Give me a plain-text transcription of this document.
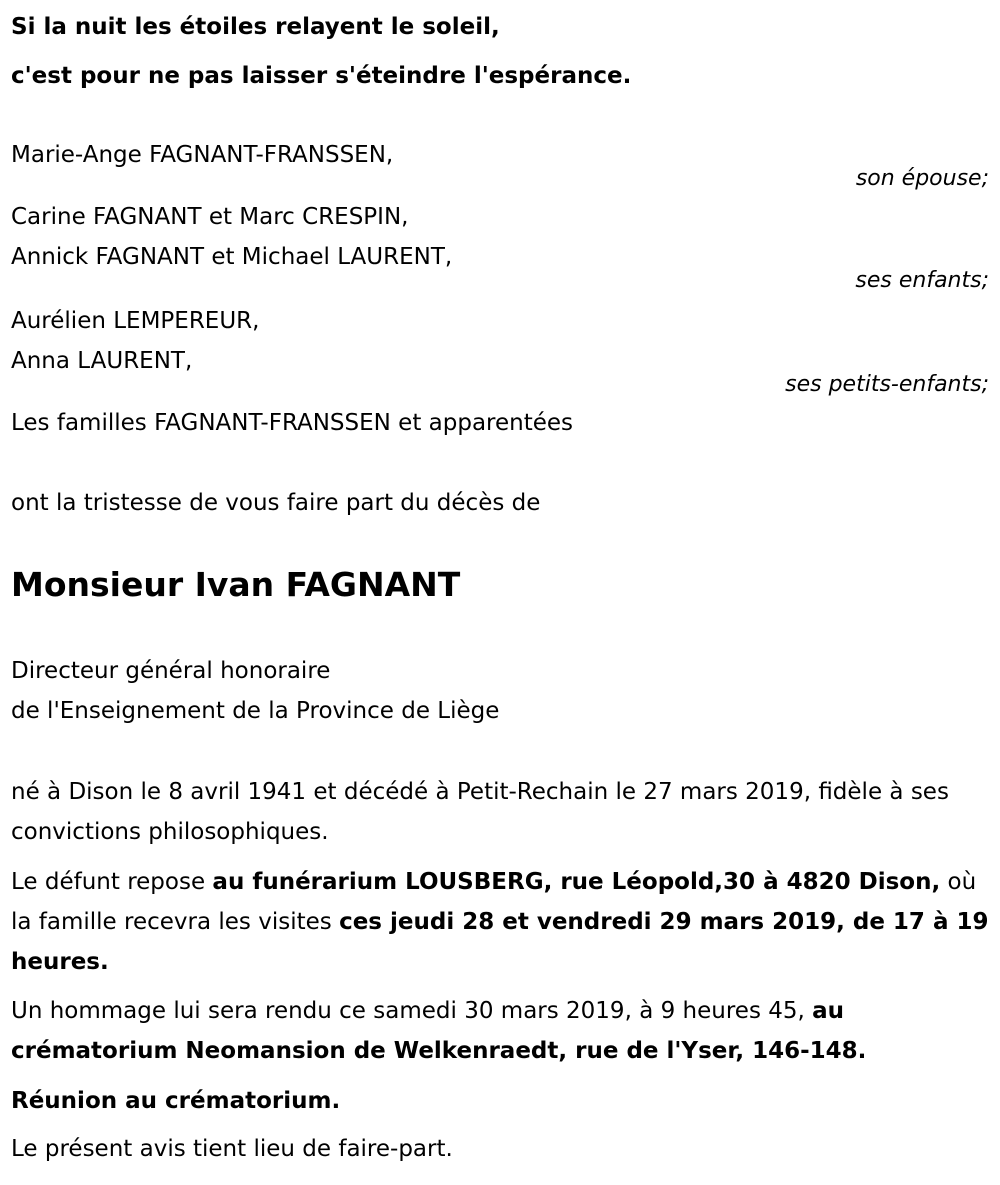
Si la nuit les étoiles relayent le soleil,
c'est pour ne pas laisser s'éteindre l'espérance.
Marie-Ange FAGNANT-FRANSSEN,
son épouse;
Carine FAGNANT et Marc CRESPIN,
Annick FAGNANT et Michael LAURENT,
ses enfants;
Aurélien LEMPEREUR,
Anna LAURENT,
ses petits-enfants;
Les familles FAGNANT-FRANSSEN et apparentées
ont la tristesse de vous faire part du décès de
Monsieur Ivan FAGNANT
Directeur général honoraire
de l'Enseignement de la Province de Liège
né à Dison le 8 avril 1941 et décédé à Petit-Rechain le 27 mars 2019, fidèle à ses convictions philosophiques.
Le défunt repose au funérarium LOUSBERG, rue Léopold,30 à 4820 Dison, où la famille recevra les visites ces jeudi 28 et vendredi 29 mars 2019, de 17 à 19 heures.
Un hommage lui sera rendu ce samedi 30 mars 2019, à 9 heures 45, au crématorium Neomansion de Welkenraedt, rue de l'Yser, 146-148.
Réunion au crématorium.
Le présent avis tient lieu de faire-part.
